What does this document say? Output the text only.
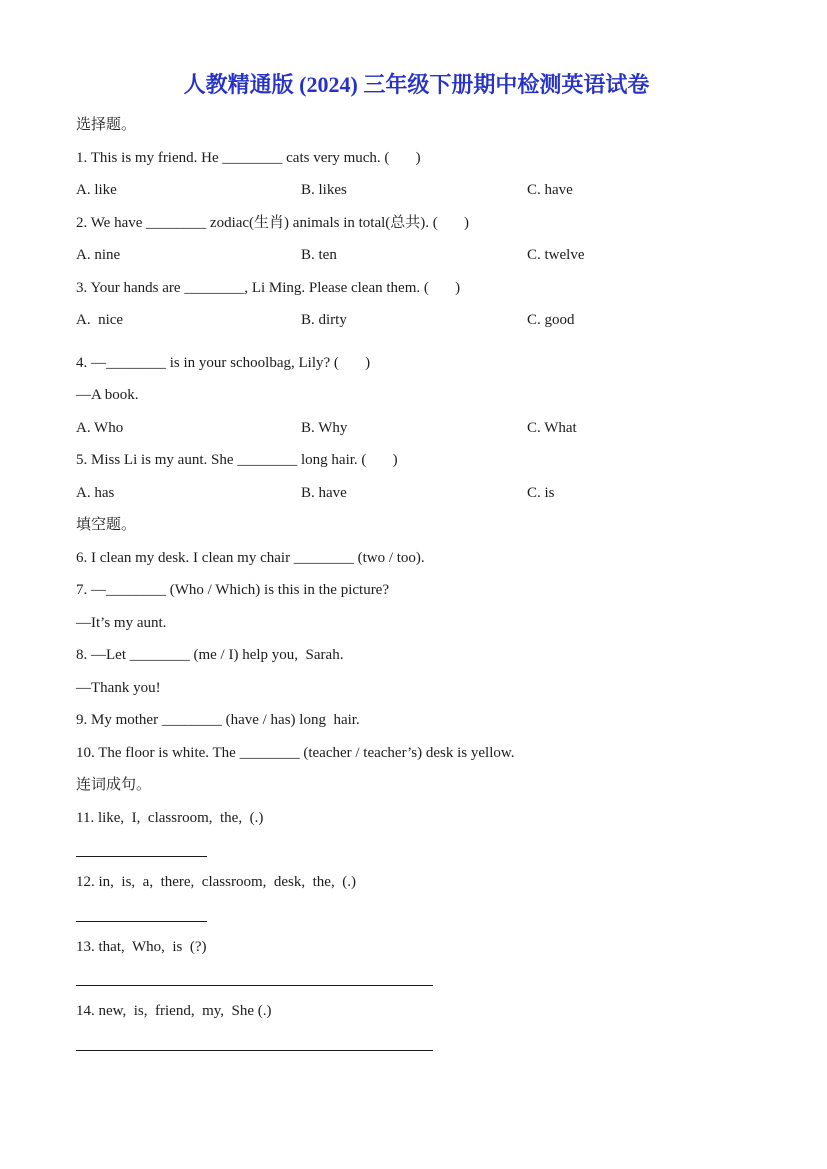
人教精通版 (2024) 三年级下册期中检测英语试卷
选择题。
1. This is my friend. He ________ cats very much. (       )
A. like	B. likes	C. have
2. We have ________ zodiac(生肖) animals in total(总共). (       )
A. nine	B. ten	C. twelve
3. Your hands are ________, Li Ming. Please clean them. (       )
A.  nice	B. dirty	C. good
4. —________ is in your schoolbag, Lily? (       )
—A book.
A. Who	B. Why	C. What
5. Miss Li is my aunt. She ________ long hair. (       )
A. has	B. have	C. is
填空题。
6. I clean my desk. I clean my chair ________ (two / too).
7. —________ (Who / Which) is this in the picture?
—It’s my aunt.
8. —Let ________ (me / I) help you,  Sarah.
—Thank you!
9. My mother ________ (have / has) long  hair.
10. The floor is white. The ________ (teacher / teacher’s) desk is yellow.
连词成句。
11. like,  I,  classroom,  the,  (.)
12. in,  is,  a,  there,  classroom,  desk,  the,  (.)
13. that,  Who,  is  (?)
14. new,  is,  friend,  my,  She (.)
